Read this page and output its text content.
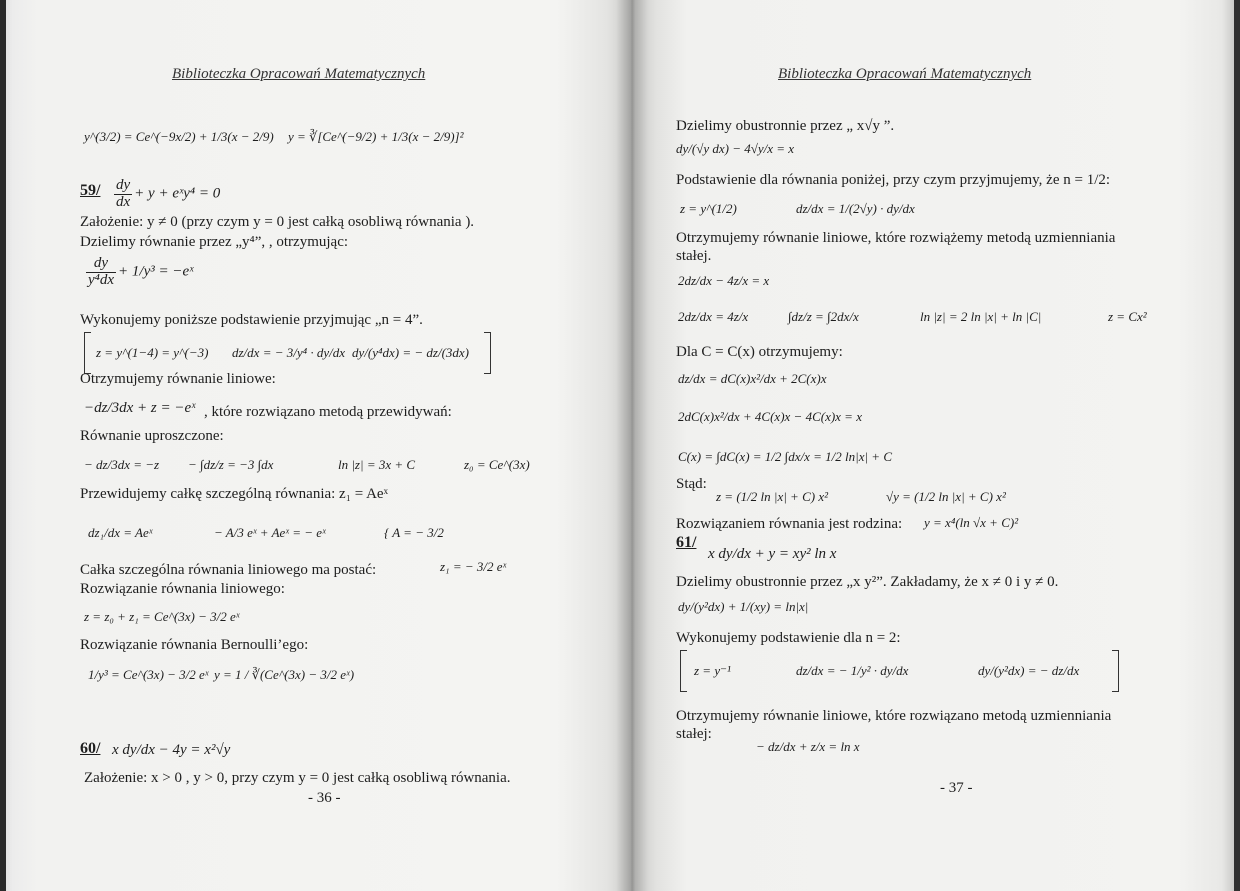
Biblioteczka Opracowań Matematycznych
y^(3/2) = Ce^(−9x/2) + 1/3(x − 2/9) y = ∛[Ce^(−9/2) + 1/3(x − 2/9)]²
$59/ \frac{dy}{dx} + y$ + eˣy⁴ = 0
Założenie: y ≠ 0 (przy czym y = 0 jest całką osobliwą równania ).
Dzielimy równanie przez „y⁴”, , otrzymując:
$\frac{dy}{\text{y⁴dx}} + 1/y^3$ = −eˣ
Wykonujemy poniższe podstawienie przyjmując „n = 4”.
z = y^(1−4) = y^(−3) dz/dx = − 3/y⁴ · dy/dx dy/(y⁴dx) = − dz/(3dx)
Otrzymujemy równanie liniowe:
−dz/3dx + z = −eˣ , które rozwiązano metodą przewidywań:
Równanie uproszczone:
− dz/3dx = −z − ∫dz/z = −3 ∫dx	ln |z| = 3x + C	z₀ = Ce^(3x)
Przewidujemy całkę szczególną równania: z₁ = Aeˣ
dz₁/dx = Aeˣ	− A/3 eˣ + Aeˣ = − eˣ	{ A = − 3/2
Całka szczególna równania liniowego ma postać:	z₁ = − 3/2 eˣ
Rozwiązanie równania liniowego:
z = z₀ + z₁ = Ce^(3x) − 3/2 eˣ
Rozwiązanie równania Bernoulli’ego:
1/y³ = Ce^(3x) − 3/2 eˣ y = 1 / ∛(Ce^(3x) − 3/2 eˣ)
60/ x dy/dx − 4y = x²√y
Założenie: x > 0 , y > 0, przy czym y = 0 jest całką osobliwą równania.
- 36 -
Biblioteczka Opracowań Matematycznych
Dzielimy obustronnie przez „ x√y ”.
dy/(√y dx) − 4√y/x = x
Podstawienie dla równania poniżej, przy czym przyjmujemy, że n = 1/2:
z = y^(1/2)	dz/dx = 1/(2√y) · dy/dx
Otrzymujemy równanie liniowe, które rozwiążemy metodą uzmienniania
stałej.
2dz/dx − 4z/x = x
2dz/dx = 4z/x	∫dz/z = ∫2dx/x	ln |z| = 2 ln |x| + ln |C|	z = Cx²
Dla C = C(x) otrzymujemy:
dz/dx = dC(x)x²/dx + 2C(x)x
2dC(x)x²/dx + 4C(x)x − 4C(x)x = x
C(x) = ∫dC(x) = 1/2 ∫dx/x = 1/2 ln|x| + C
Stąd:
z = (1/2 ln |x| + C) x²	√y = (1/2 ln |x| + C) x²
Rozwiązaniem równania jest rodzina: y = x⁴(ln √x + C)²
61/
x dy/dx + y = xy² ln x
Dzielimy obustronnie przez „x y²”. Zakładamy, że x ≠ 0 i y ≠ 0.
dy/(y²dx) + 1/(xy) = ln|x|
Wykonujemy podstawienie dla n = 2:
z = y⁻¹	dz/dx = − 1/y² · dy/dx	dy/(y²dx) = − dz/dx
Otrzymujemy równanie liniowe, które rozwiązano metodą uzmienniania
stałej:
− dz/dx + z/x = ln x
- 37 -
